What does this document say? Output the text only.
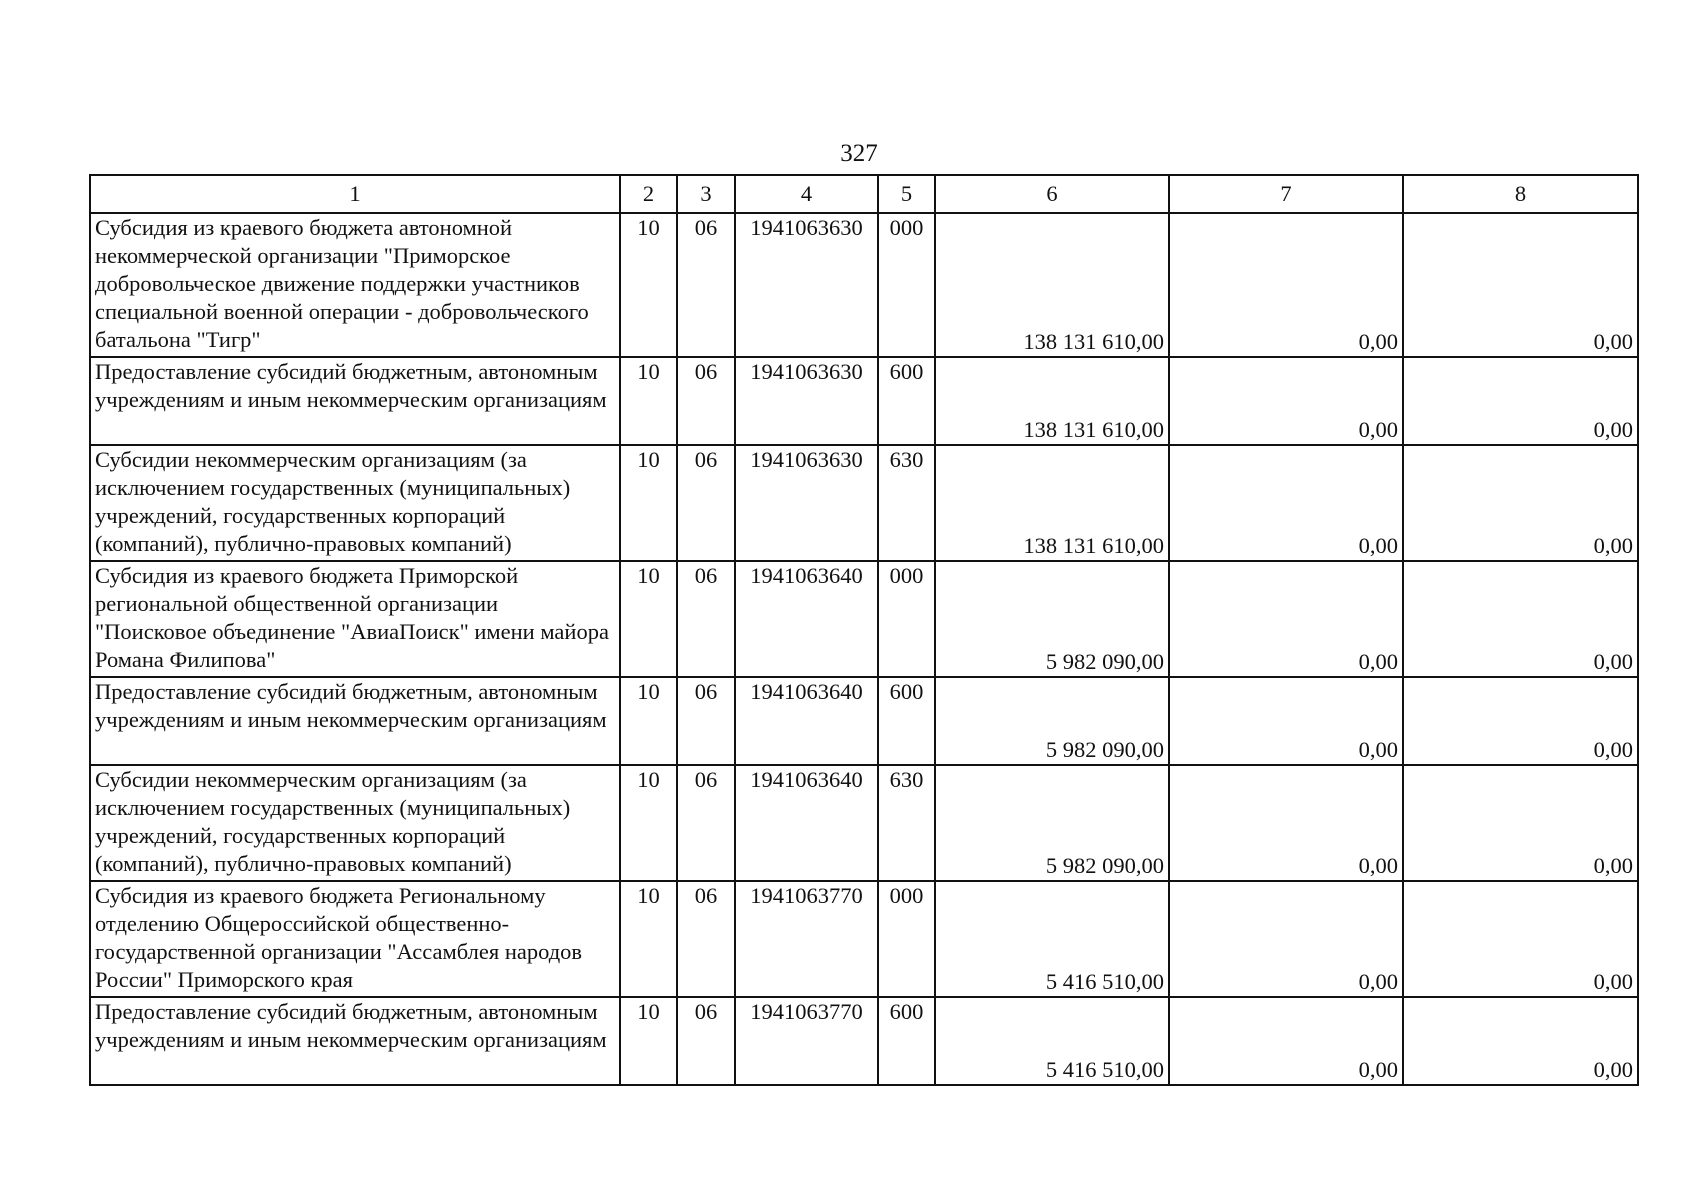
327
1	2	3	4	5	6	7	8
Субсидия из краевого бюджета автономной некоммерческой организации "Приморское добровольческое движение поддержки участников специальной военной операции - добровольческого батальона "Тигр"	10	06	1941063630	000	138 131 610,00	0,00	0,00
Предоставление субсидий бюджетным, автономным учреждениям и иным некоммерческим организациям	10	06	1941063630	600	138 131 610,00	0,00	0,00
Субсидии некоммерческим организациям (за исключением государственных (муниципальных) учреждений, государственных корпораций (компаний), публично-правовых компаний)	10	06	1941063630	630	138 131 610,00	0,00	0,00
Субсидия из краевого бюджета Приморской региональной общественной организации "Поисковое объединение "АвиаПоиск" имени майора Романа Филипова"	10	06	1941063640	000	5 982 090,00	0,00	0,00
Предоставление субсидий бюджетным, автономным учреждениям и иным некоммерческим организациям	10	06	1941063640	600	5 982 090,00	0,00	0,00
Субсидии некоммерческим организациям (за исключением государственных (муниципальных) учреждений, государственных корпораций (компаний), публично-правовых компаний)	10	06	1941063640	630	5 982 090,00	0,00	0,00
Субсидия из краевого бюджета Региональному отделению Общероссийской общественно-государственной организации "Ассамблея народов России" Приморского края	10	06	1941063770	000	5 416 510,00	0,00	0,00
Предоставление субсидий бюджетным, автономным учреждениям и иным некоммерческим организациям	10	06	1941063770	600	5 416 510,00	0,00	0,00
